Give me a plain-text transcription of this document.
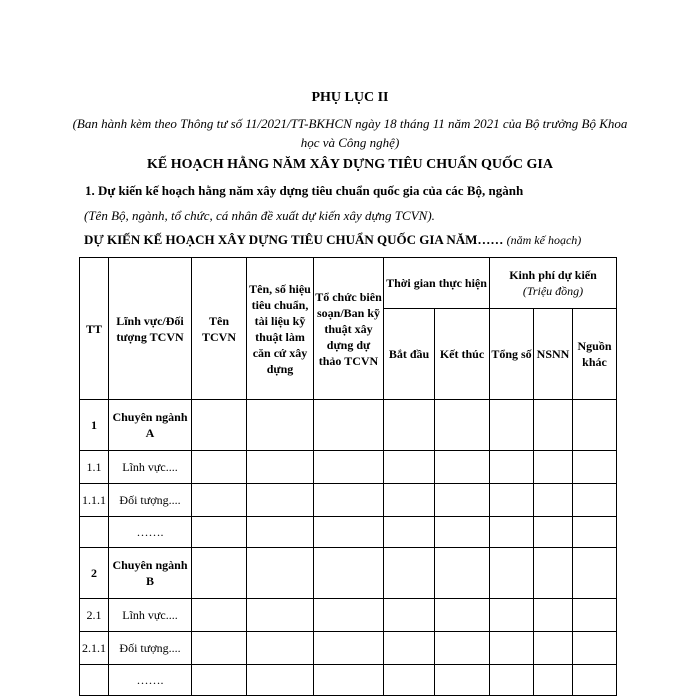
PHỤ LỤC II
(Ban hành kèm theo Thông tư số 11/2021/TT-BKHCN ngày 18 tháng 11 năm 2021 của Bộ trưởng Bộ Khoa học và Công nghệ)
KẾ HOẠCH HẰNG NĂM XÂY DỰNG TIÊU CHUẨN QUỐC GIA
1. Dự kiến kế hoạch hằng năm xây dựng tiêu chuẩn quốc gia của các Bộ, ngành
(Tên Bộ, ngành, tổ chức, cá nhân đề xuất dự kiến xây dựng TCVN).
DỰ KIẾN KẾ HOẠCH XÂY DỰNG TIÊU CHUẨN QUỐC GIA NĂM…… (năm kế hoạch)
TT	Lĩnh vực/Đối tượng TCVN	Tên TCVN	Tên, số hiệu tiêu chuẩn, tài liệu kỹ thuật làm căn cứ xây dựng	Tổ chức biên soạn/Ban kỹ thuật xây dựng dự thảo TCVN	Thời gian thực hiện		Kinh phí dự kiến
(Triệu đồng)		
					Bắt đầu	Kết thúc	Tổng số	NSNN	Nguồn khác
1	Chuyên ngành A								
1.1	Lĩnh vực....								
1.1.1	Đối tượng....								
	…….								
2	Chuyên ngành B								
2.1	Lĩnh vực....								
2.1.1	Đối tượng....								
	…….								
